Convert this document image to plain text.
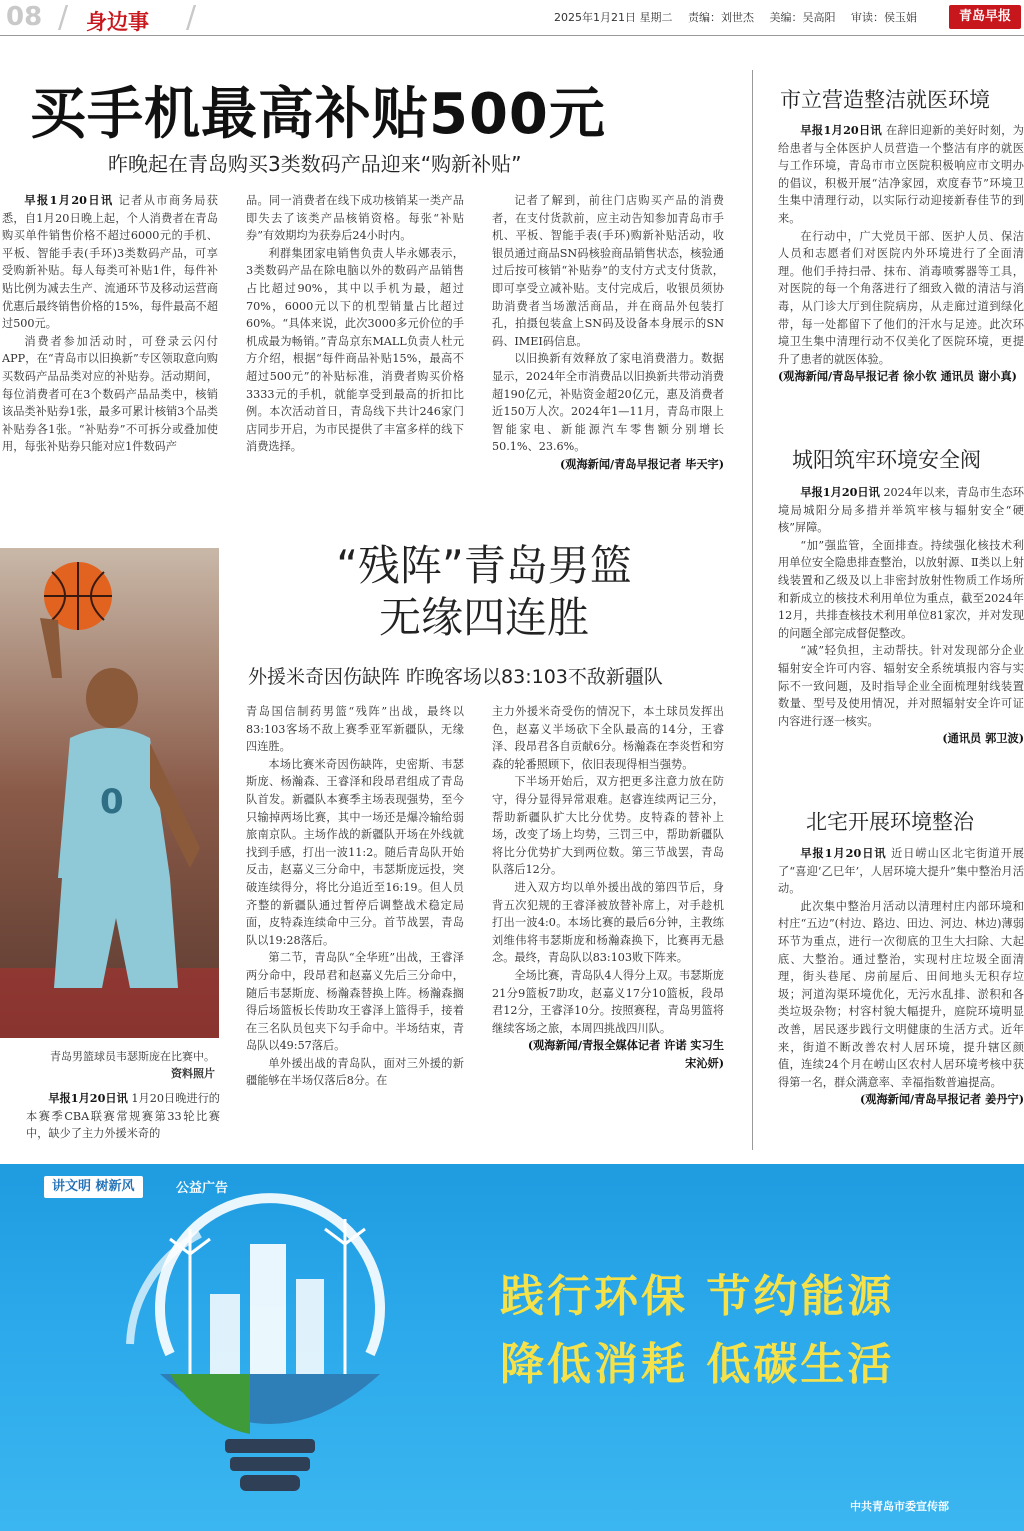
08 / 身边事 /	2025年1月21日 星期二 责编：刘世杰 美编：吴高阳 审读：侯玉娟	青岛早报
买手机最高补贴500元
昨晚起在青岛购买3类数码产品迎来“购新补贴”

早报1月20日讯 记者从市商务局获悉，自1月20日晚上起，个人消费者在青岛购买单件销售价格不超过6000元的手机、平板、智能手表(手环)3类数码产品，可享受购新补贴。每人每类可补贴1件，每件补贴比例为减去生产、流通环节及移动运营商优惠后最终销售价格的15%，每件最高不超过500元。

消费者参加活动时，可登录云闪付APP，在“青岛市以旧换新”专区领取意向购买数码产品品类对应的补贴券。活动期间，每位消费者可在3个数码产品品类中，核销该品类补贴券1张，最多可累计核销3个品类补贴券各1张。“补贴券”不可拆分或叠加使用，每张补贴券只能对应1件数码产

品。同一消费者在线下成功核销某一类产品即失去了该类产品核销资格。每张“补贴券”有效期均为获券后24小时内。

利群集团家电销售负责人毕永娜表示，3类数码产品在除电脑以外的数码产品销售占比超过90%，其中以手机为最，超过70%，6000元以下的机型销量占比超过60%。“具体来说，此次3000多元价位的手机成最为畅销。”青岛京东MALL负责人杜元方介绍，根据“每件商品补贴15%，最高不超过500元”的补贴标准，消费者购买价格3333元的手机，就能享受到最高的折扣比例。本次活动首日，青岛线下共计246家门店同步开启，为市民提供了丰富多样的线下消费选择。

记者了解到，前往门店购买产品的消费者，在支付货款前，应主动告知参加青岛市手机、平板、智能手表(手环)购新补贴活动，收银员通过商品SN码核验商品销售状态，核验通过后按可核销“补贴券”的支付方式支付货款，即可享受立减补贴。支付完成后，收银员须协助消费者当场激活商品，并在商品外包装打孔，拍摄包装盒上SN码及设备本身展示的SN码、IMEI码信息。

以旧换新有效释放了家电消费潜力。数据显示，2024年全市消费品以旧换新共带动消费超190亿元，补贴资金超20亿元，惠及消费者近150万人次。2024年1—11月，青岛市限上智能家电、新能源汽车零售额分别增长50.1%、23.6%。

(观海新闻/青岛早报记者 毕天宇)

市立营造整洁就医环境

早报1月20日讯 在辞旧迎新的美好时刻，为给患者与全体医护人员营造一个整洁有序的就医与工作环境，青岛市市立医院积极响应市文明办的倡议，积极开展“洁净家园，欢度春节”环境卫生集中清理行动，以实际行动迎接新春佳节的到来。

在行动中，广大党员干部、医护人员、保洁人员和志愿者们对医院内外环境进行了全面清理。他们手持扫帚、抹布、消毒喷雾器等工具，对医院的每一个角落进行了细致入微的清洁与消毒，从门诊大厅到住院病房，从走廊过道到绿化带，每一处都留下了他们的汗水与足迹。此次环境卫生集中清理行动不仅美化了医院环境，更提升了患者的就医体验。

(观海新闻/青岛早报记者 徐小钦 通讯员 谢小真)

城阳筑牢环境安全阀

早报1月20日讯 2024年以来，青岛市生态环境局城阳分局多措并举筑牢核与辐射安全“硬核”屏障。

“加”强监管，全面排查。持续强化核技术利用单位安全隐患排查整治，以放射源、Ⅱ类以上射线装置和乙级及以上非密封放射性物质工作场所和新成立的核技术利用单位为重点，截至2024年12月，共排查核技术利用单位81家次，并对发现的问题全部完成督促整改。

“减”轻负担，主动帮扶。针对发现部分企业辐射安全许可内容、辐射安全系统填报内容与实际不一致问题，及时指导企业全面梳理射线装置数量、型号及使用情况，并对照辐射安全许可证内容进行逐一核实。

(通讯员 郭卫波)

北宅开展环境整治

早报1月20日讯 近日崂山区北宅街道开展了“喜迎‘乙巳年’，人居环境大提升”集中整治月活动。

此次集中整治月活动以清理村庄内部环境和村庄“五边”(村边、路边、田边、河边、林边)薄弱环节为重点，进行一次彻底的卫生大扫除、大起底、大整治。通过整治，实现村庄垃圾全面清理，街头巷尾、房前屋后、田间地头无积存垃圾；河道沟渠环境优化，无污水乱排、淤积和各类垃圾杂物；村容村貌大幅提升，庭院环境明显改善，居民逐步践行文明健康的生活方式。近年来，街道不断改善农村人居环境，提升辖区颜值，连续24个月在崂山区农村人居环境考核中获得第一名，群众满意率、幸福指数普遍提高。

(观海新闻/青岛早报记者 姜丹宁)

0
青岛男篮球员韦瑟斯庞在比赛中。
资料照片
“残阵”青岛男篮
无缘四连胜
外援米奇因伤缺阵 昨晚客场以83:103不敌新疆队

早报1月20日讯 1月20日晚进行的本赛季CBA联赛常规赛第33轮比赛中，缺少了主力外援米奇的

青岛国信制药男篮“残阵”出战，最终以83:103客场不敌上赛季亚军新疆队，无缘四连胜。

本场比赛米奇因伤缺阵，史密斯、韦瑟斯庞、杨瀚森、王睿泽和段昂君组成了青岛队首发。新疆队本赛季主场表现强势，至今只输掉两场比赛，其中一场还是爆冷输给弱旅南京队。主场作战的新疆队开场在外线就找到手感，打出一波11:2。随后青岛队开始反击，赵嘉义三分命中，韦瑟斯庞远投，突破连续得分，将比分追近至16:19。但人员齐整的新疆队通过暂停后调整战术稳定局面，皮特森连续命中三分。首节战罢，青岛队以19:28落后。

第二节，青岛队“全华班”出战，王睿泽两分命中，段昂君和赵嘉义先后三分命中，随后韦瑟斯庞、杨瀚森替换上阵。杨瀚森搁得后场篮板长传助攻王睿泽上篮得手，接着在三名队员包夹下勾手命中。半场结束，青岛队以49:57落后。

单外援出战的青岛队，面对三外援的新疆能够在半场仅落后8分。在

主力外援米奇受伤的情况下，本土球员发挥出色，赵嘉义半场砍下全队最高的14分，王睿泽、段昂君各自贡献6分。杨瀚森在李炎哲和穷森的轮番照顾下，依旧表现得相当强势。

下半场开始后，双方把更多注意力放在防守，得分显得异常艰难。赵睿连续两记三分，帮助新疆队扩大比分优势。皮特森的替补上场，改变了场上均势，三罚三中，帮助新疆队将比分优势扩大到两位数。第三节战罢，青岛队落后12分。

进入双方均以单外援出战的第四节后，身背五次犯规的王睿泽被放替补席上，对手趁机打出一波4:0。本场比赛的最后6分钟，主教练刘维伟将韦瑟斯庞和杨瀚森换下，比赛再无悬念。最终，青岛队以83:103败下阵来。

全场比赛，青岛队4人得分上双。韦瑟斯庞21分9篮板7助攻，赵嘉义17分10篮板，段昂君12分，王睿泽10分。按照赛程，青岛男篮将继续客场之旅，本周四挑战四川队。

(观海新闻/青报全媒体记者 许诺 实习生 宋沁妍)

讲文明 树新风	公益广告
践行环保 节约能源
降低消耗 低碳生活
中共青岛市委宣传部
